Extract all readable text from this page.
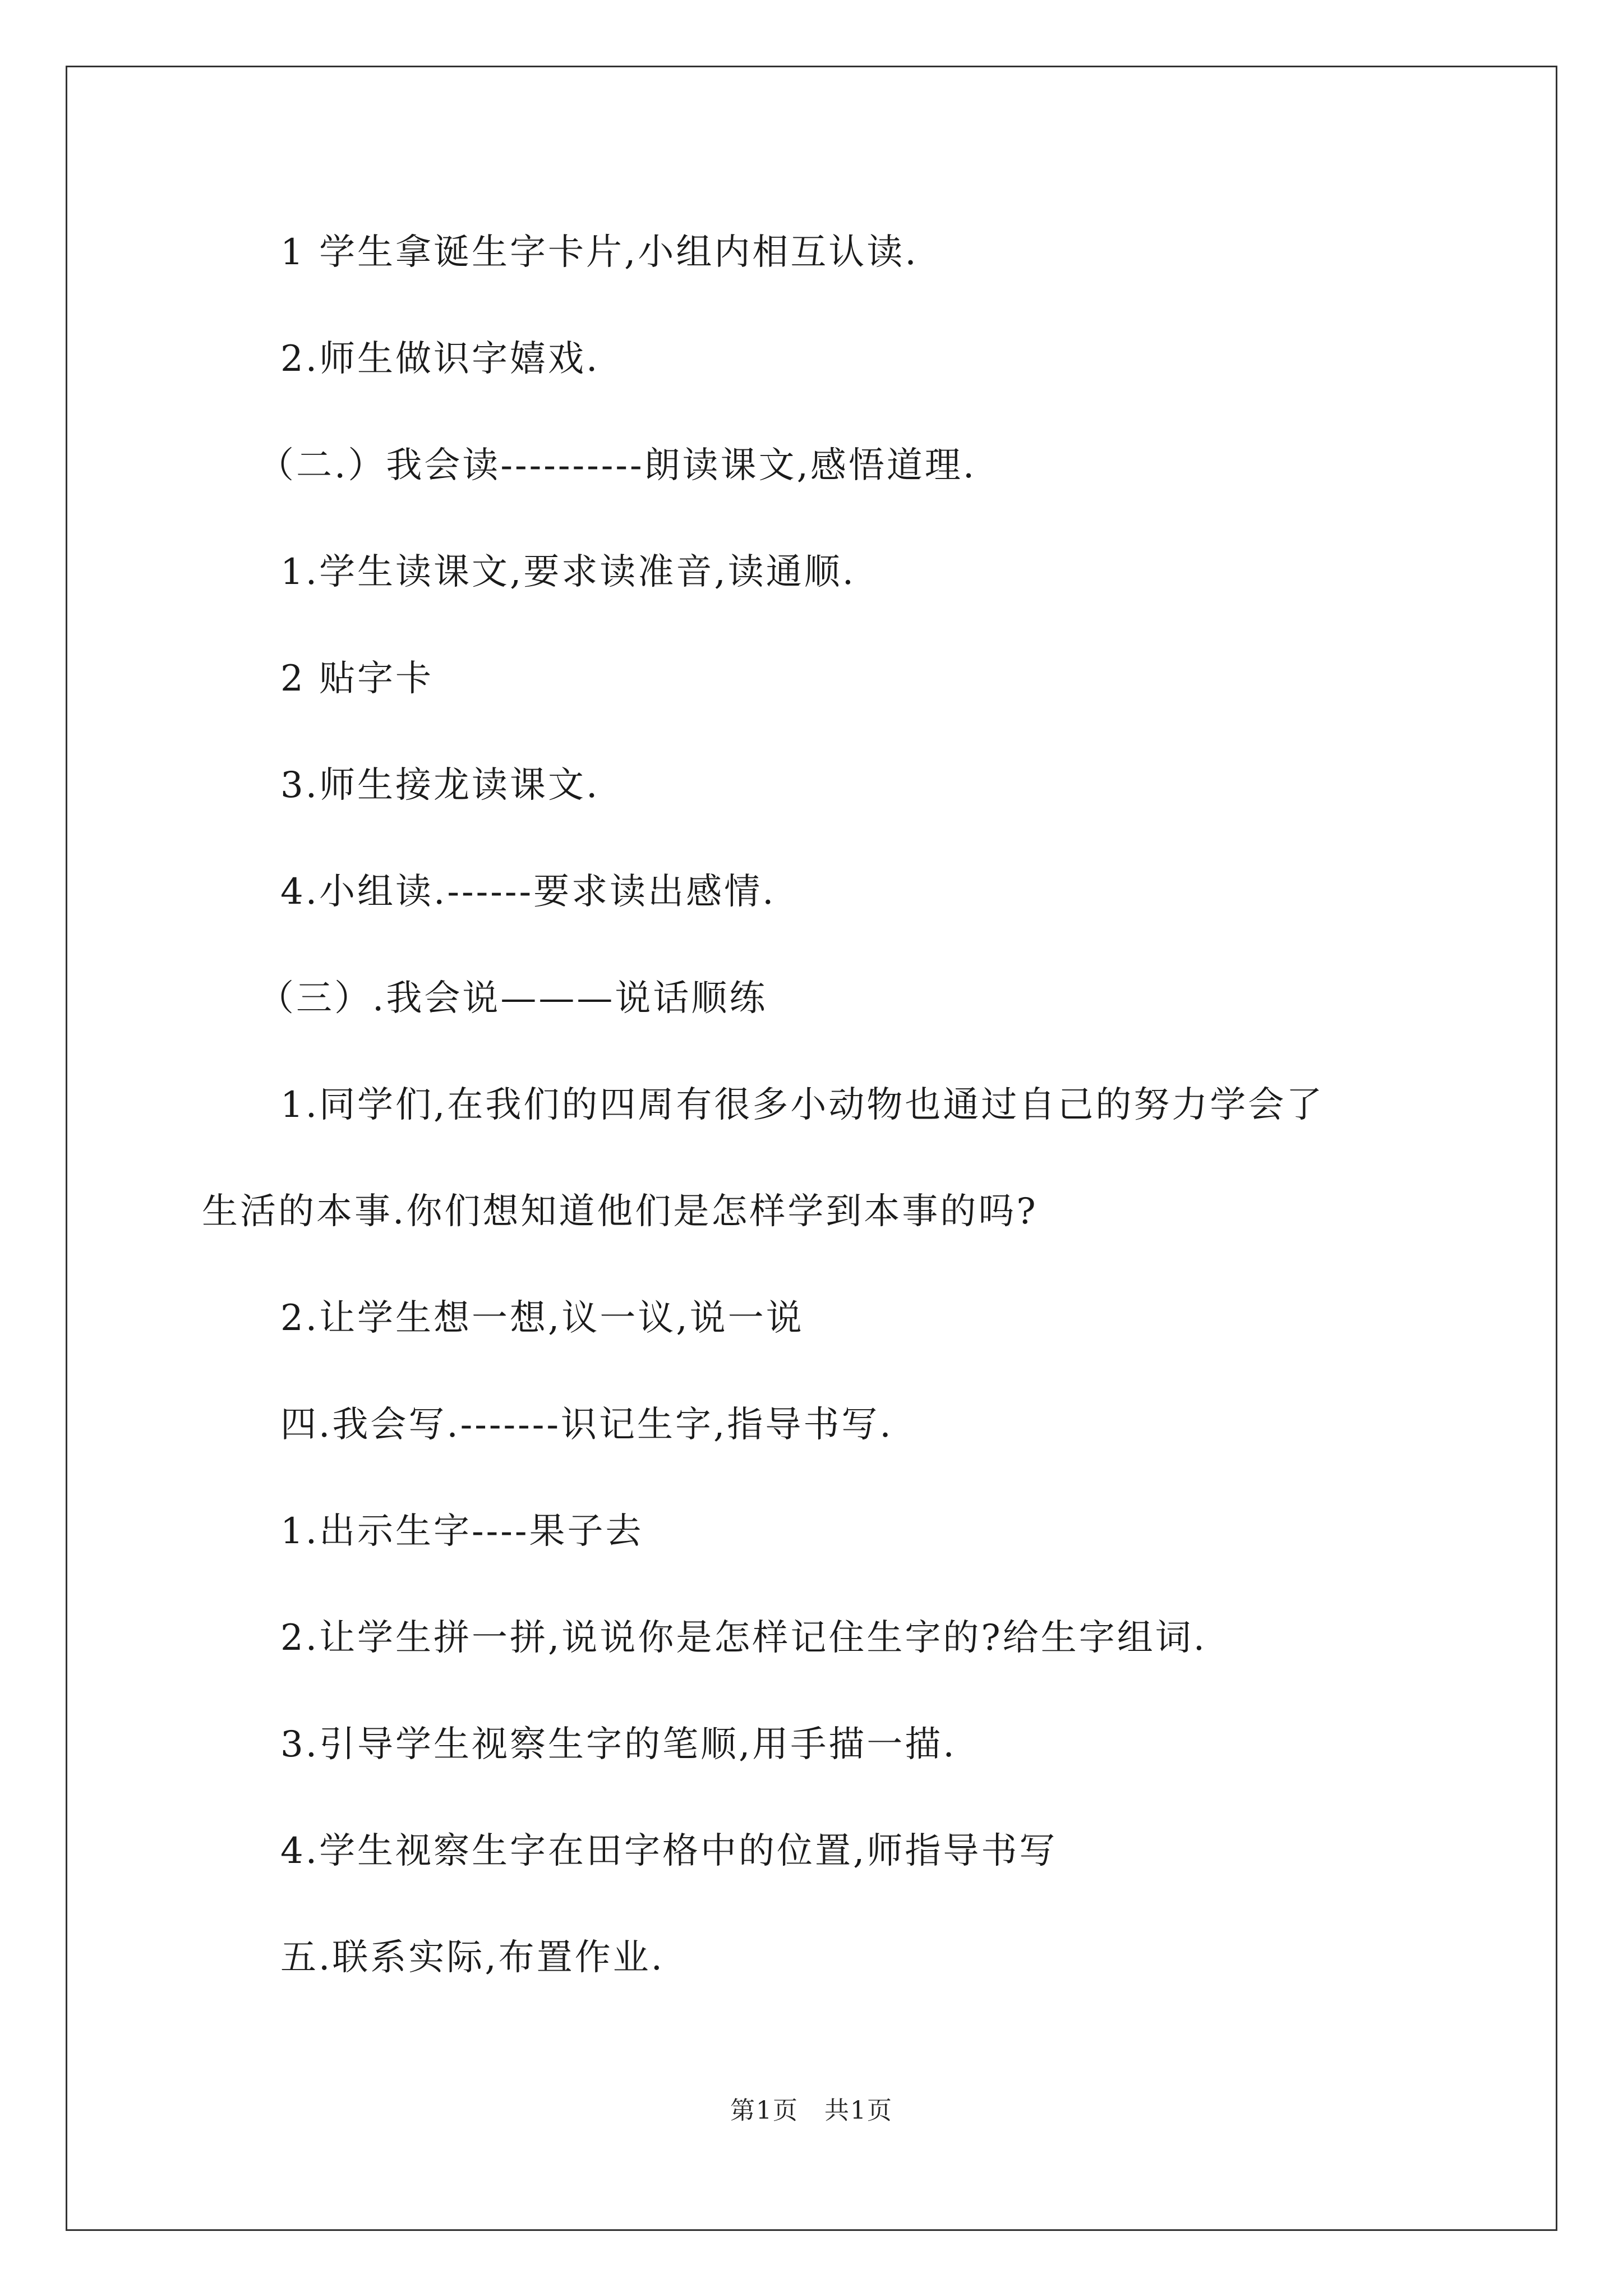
1 学生拿诞生字卡片,小组内相互认读.
2.师生做识字嬉戏.
（二.）我会读----------朗读课文,感悟道理.
1.学生读课文,要求读准音,读通顺.
2 贴字卡
3.师生接龙读课文.
4.小组读.------要求读出感情.
（三）.我会说———说话顺练
1.同学们,在我们的四周有很多小动物也通过自己的努力学会了
生活的本事.你们想知道他们是怎样学到本事的吗?
2.让学生想一想,议一议,说一说
四.我会写.-------识记生字,指导书写.
1.出示生字----果子去
2.让学生拼一拼,说说你是怎样记住生字的?给生字组词.
3.引导学生视察生字的笔顺,用手描一描.
4.学生视察生字在田字格中的位置,师指导书写
五.联系实际,布置作业.
第1页　共1页
